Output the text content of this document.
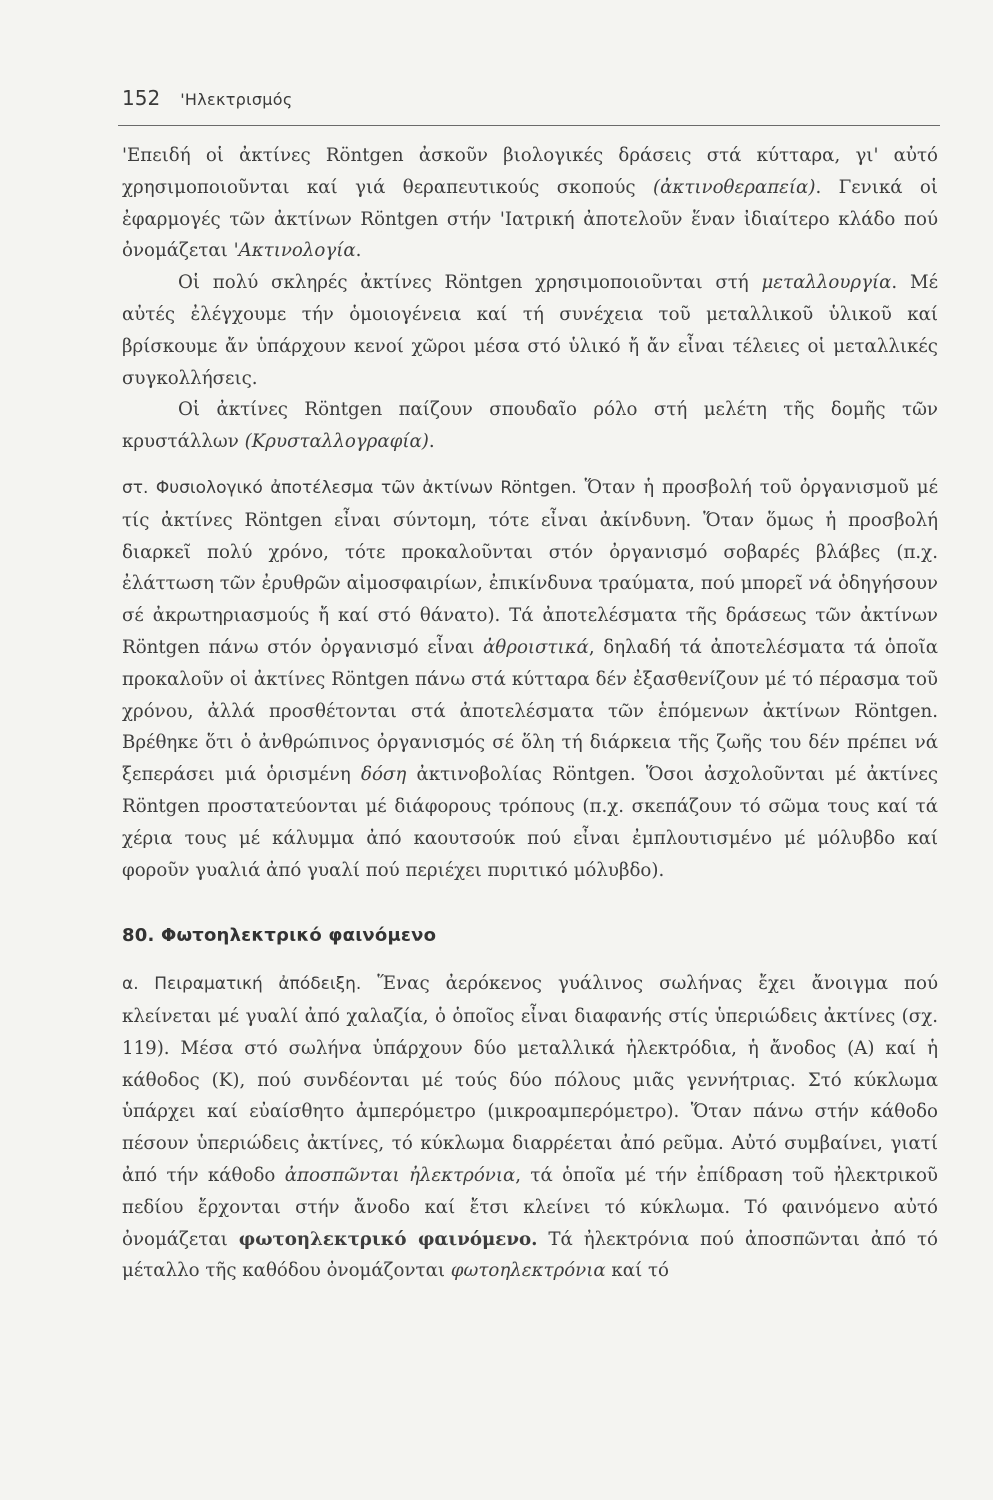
152 'Ηλεκτρισμός

'Επειδή οἱ ἀκτίνες Röntgen ἀσκοῦν βιολογικές δράσεις στά κύτταρα, γι' αὐτό χρησιμοποιοῦνται καί γιά θεραπευτικούς σκοπούς (ἀκτινοθεραπεία). Γενικά οἱ ἐφαρμογές τῶν ἀκτίνων Röntgen στήν 'Ιατρική ἀποτελοῦν ἕναν ἰδιαίτερο κλάδο πού ὀνομάζεται 'Ακτινολογία.

Οἱ πολύ σκληρές ἀκτίνες Röntgen χρησιμοποιοῦνται στή μεταλλουργία. Μέ αὐτές ἐλέγχουμε τήν ὁμοιογένεια καί τή συνέχεια τοῦ μεταλλικοῦ ὑλικοῦ καί βρίσκουμε ἄν ὑπάρχουν κενοί χῶροι μέσα στό ὑλικό ἤ ἄν εἶναι τέλειες οἱ μεταλλικές συγκολλήσεις.

Οἱ ἀκτίνες Röntgen παίζουν σπουδαῖο ρόλο στή μελέτη τῆς δομῆς τῶν κρυστάλλων (Κρυσταλλογραφία).

στ. Φυσιολογικό ἀποτέλεσμα τῶν ἀκτίνων Röntgen. Ὅταν ἡ προσβολή τοῦ ὀργανισμοῦ μέ τίς ἀκτίνες Röntgen εἶναι σύντομη, τότε εἶναι ἀκίνδυνη. Ὅταν ὅμως ἡ προσβολή διαρκεῖ πολύ χρόνο, τότε προκαλοῦνται στόν ὀργανισμό σοβαρές βλάβες (π.χ. ἐλάττωση τῶν ἐρυθρῶν αἱμοσφαιρίων, ἐπικίνδυνα τραύματα, πού μπορεῖ νά ὁδηγήσουν σέ ἀκρωτηριασμούς ἤ καί στό θάνατο). Τά ἀποτελέσματα τῆς δράσεως τῶν ἀκτίνων Röntgen πάνω στόν ὀργανισμό εἶναι ἀθροιστικά, δηλαδή τά ἀποτελέσματα τά ὁποῖα προκαλοῦν οἱ ἀκτίνες Röntgen πάνω στά κύτταρα δέν ἐξασθενίζουν μέ τό πέρασμα τοῦ χρόνου, ἀλλά προσθέτονται στά ἀποτελέσματα τῶν ἑπόμενων ἀκτίνων Röntgen. Βρέθηκε ὅτι ὁ ἀνθρώπινος ὀργανισμός σέ ὅλη τή διάρκεια τῆς ζωῆς του δέν πρέπει νά ξεπεράσει μιά ὁρισμένη δόση ἀκτινοβολίας Röntgen. Ὅσοι ἀσχολοῦνται μέ ἀκτίνες Röntgen προστατεύονται μέ διάφορους τρόπους (π.χ. σκεπάζουν τό σῶμα τους καί τά χέρια τους μέ κάλυμμα ἀπό καουτσούκ πού εἶναι ἐμπλουτισμένο μέ μόλυβδο καί φοροῦν γυαλιά ἀπό γυαλί πού περιέχει πυριτικό μόλυβδο).

80. Φωτοηλεκτρικό φαινόμενο

α. Πειραματική ἀπόδειξη. Ἕνας ἀερόκενος γυάλινος σωλήνας ἔχει ἄνοιγμα πού κλείνεται μέ γυαλί ἀπό χαλαζία, ὁ ὁποῖος εἶναι διαφανής στίς ὑπεριώδεις ἀκτίνες (σχ. 119). Μέσα στό σωλήνα ὑπάρχουν δύο μεταλλικά ἠλεκτρόδια, ἡ ἄνοδος (Α) καί ἡ κάθοδος (Κ), πού συνδέονται μέ τούς δύο πόλους μιᾶς γεννήτριας. Στό κύκλωμα ὑπάρχει καί εὐαίσθητο ἀμπερόμετρο (μικροαμπερόμετρο). Ὅταν πάνω στήν κάθοδο πέσουν ὑπεριώδεις ἀκτίνες, τό κύκλωμα διαρρέεται ἀπό ρεῦμα. Αὐτό συμβαίνει, γιατί ἀπό τήν κάθοδο ἀποσπῶνται ἠλεκτρόνια, τά ὁποῖα μέ τήν ἐπίδραση τοῦ ἠλεκτρικοῦ πεδίου ἔρχονται στήν ἄνοδο καί ἔτσι κλείνει τό κύκλωμα. Τό φαινόμενο αὐτό ὀνομάζεται φωτοηλεκτρικό φαινόμενο. Τά ἠλεκτρόνια πού ἀποσπῶνται ἀπό τό μέταλλο τῆς καθόδου ὀνομάζονται φωτοηλεκτρόνια καί τό
